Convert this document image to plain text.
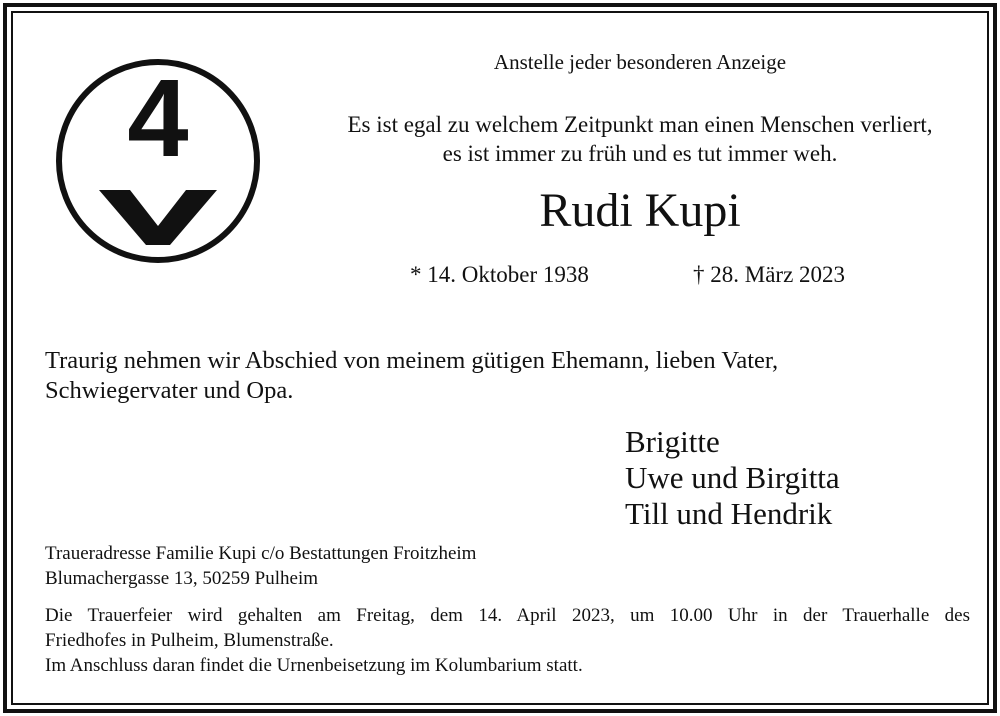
4	Anstelle jeder besonderen Anzeige
Es ist egal zu welchem Zeitpunkt man einen Menschen verliert,
es ist immer zu früh und es tut immer weh.
Rudi Kupi
* 14. Oktober 1938	† 28. März 2023
Traurig nehmen wir Abschied von meinem gütigen Ehemann, lieben Vater,
Schwiegervater und Opa.
Brigitte
Uwe und Birgitta
Till und Hendrik
Traueradresse Familie Kupi c/o Bestattungen Froitzheim
Blumachergasse 13, 50259 Pulheim
Die Trauerfeier wird gehalten am Freitag, dem 14. April 2023, um 10.00 Uhr in der Trauerhalle des
Friedhofes in Pulheim, Blumenstraße.
Im Anschluss daran findet die Urnenbeisetzung im Kolumbarium statt.
